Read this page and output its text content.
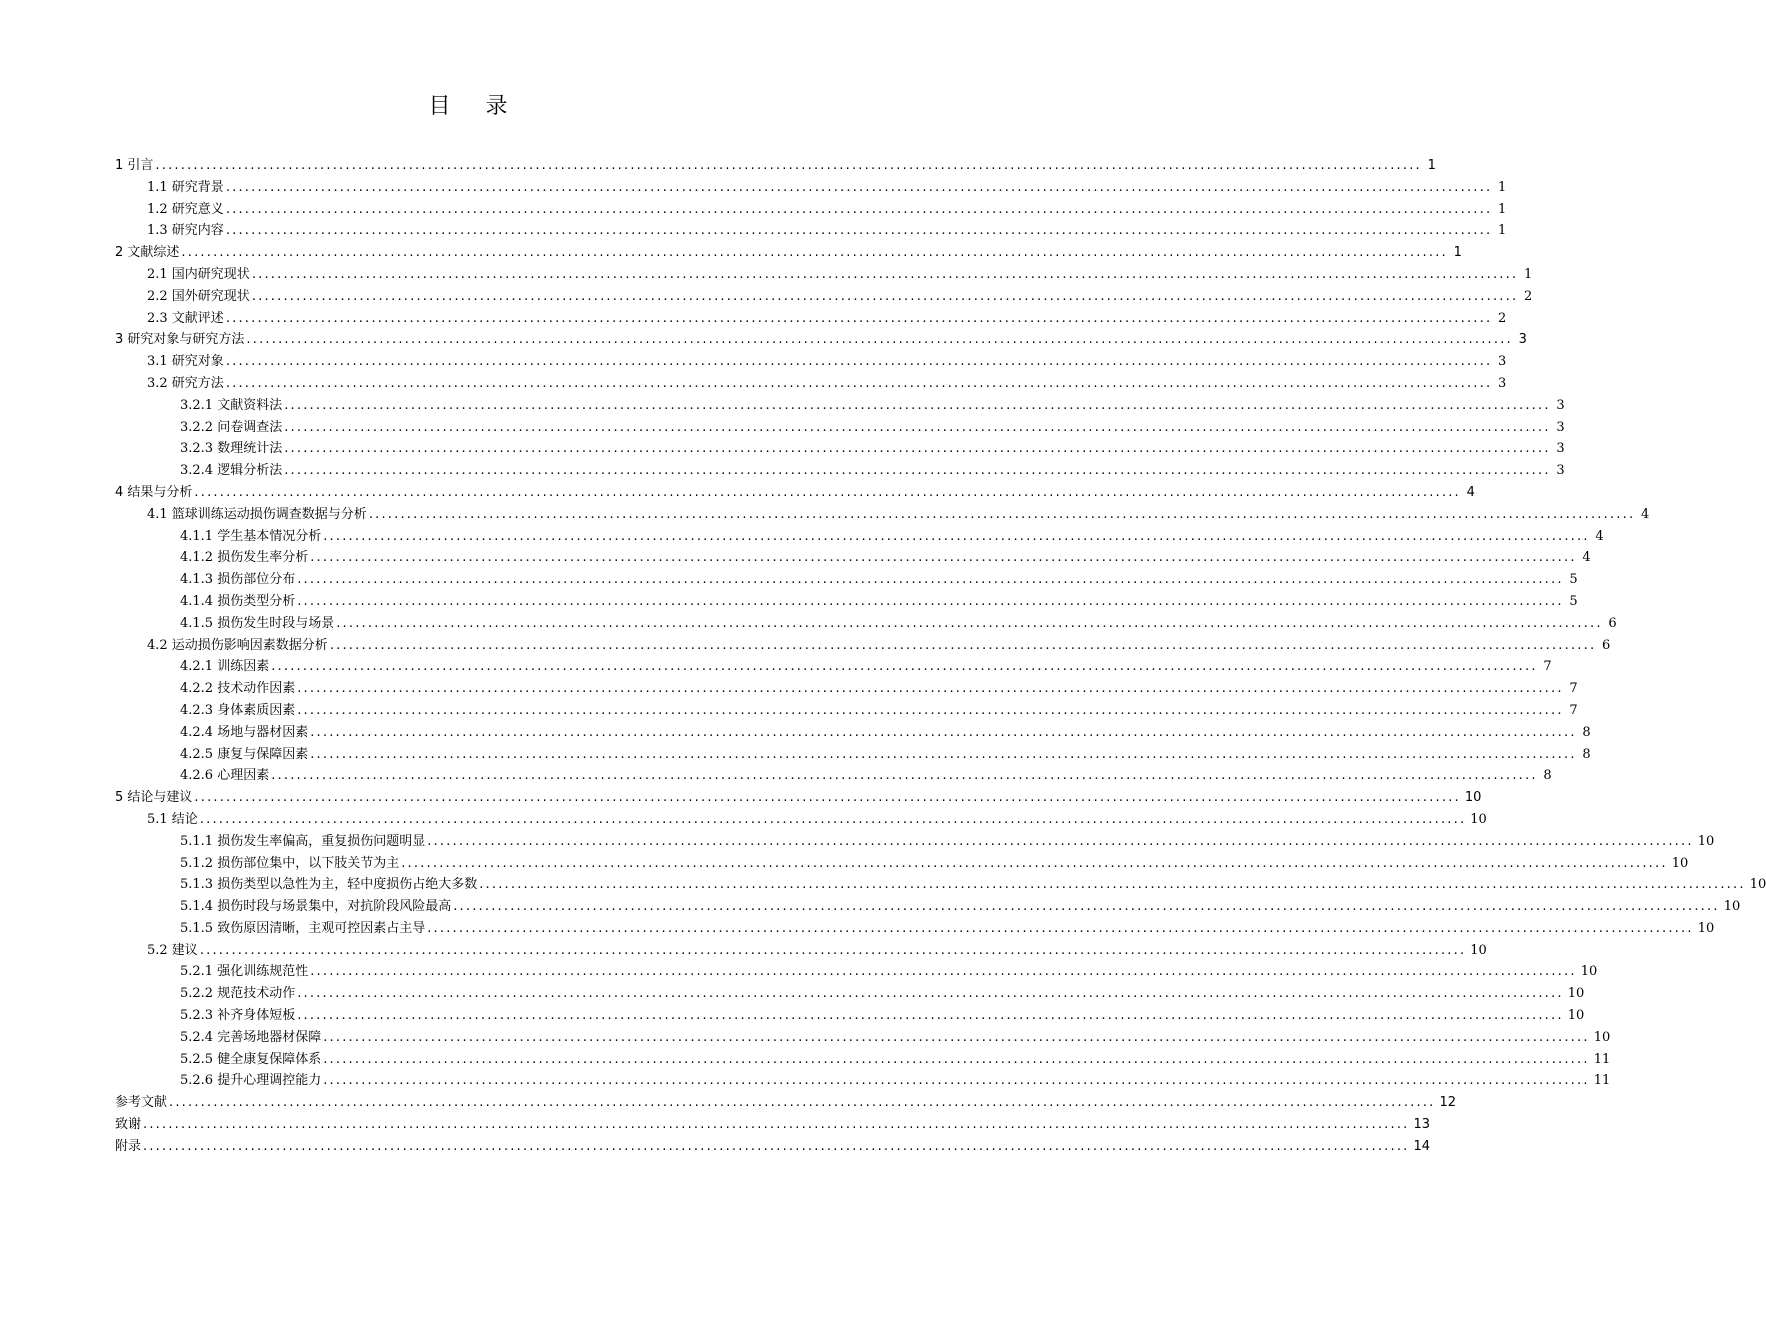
目 录
1 引言 ........................................................................................................................................................................................................ 1
1.1 研究背景 ........................................................................................................................................................................................................ 1
1.2 研究意义 ........................................................................................................................................................................................................ 1
1.3 研究内容 ........................................................................................................................................................................................................ 1
2 文献综述 ........................................................................................................................................................................................................ 1
2.1 国内研究现状 ........................................................................................................................................................................................................ 1
2.2 国外研究现状 ........................................................................................................................................................................................................ 2
2.3 文献评述 ........................................................................................................................................................................................................ 2
3 研究对象与研究方法 ........................................................................................................................................................................................................ 3
3.1 研究对象 ........................................................................................................................................................................................................ 3
3.2 研究方法 ........................................................................................................................................................................................................ 3
3.2.1 文献资料法 ........................................................................................................................................................................................................ 3
3.2.2 问卷调查法 ........................................................................................................................................................................................................ 3
3.2.3 数理统计法 ........................................................................................................................................................................................................ 3
3.2.4 逻辑分析法 ........................................................................................................................................................................................................ 3
4 结果与分析 ........................................................................................................................................................................................................ 4
4.1 篮球训练运动损伤调查数据与分析 ........................................................................................................................................................................................................ 4
4.1.1 学生基本情况分析 ........................................................................................................................................................................................................ 4
4.1.2 损伤发生率分析 ........................................................................................................................................................................................................ 4
4.1.3 损伤部位分布 ........................................................................................................................................................................................................ 5
4.1.4 损伤类型分析 ........................................................................................................................................................................................................ 5
4.1.5 损伤发生时段与场景 ........................................................................................................................................................................................................ 6
4.2 运动损伤影响因素数据分析 ........................................................................................................................................................................................................ 6
4.2.1 训练因素 ........................................................................................................................................................................................................ 7
4.2.2 技术动作因素 ........................................................................................................................................................................................................ 7
4.2.3 身体素质因素 ........................................................................................................................................................................................................ 7
4.2.4 场地与器材因素 ........................................................................................................................................................................................................ 8
4.2.5 康复与保障因素 ........................................................................................................................................................................................................ 8
4.2.6 心理因素 ........................................................................................................................................................................................................ 8
5 结论与建议 ........................................................................................................................................................................................................ 10
5.1 结论 ........................................................................................................................................................................................................ 10
5.1.1 损伤发生率偏高，重复损伤问题明显 ........................................................................................................................................................................................................ 10
5.1.2 损伤部位集中，以下肢关节为主 ........................................................................................................................................................................................................ 10
5.1.3 损伤类型以急性为主，轻中度损伤占绝大多数 ........................................................................................................................................................................................................ 10
5.1.4 损伤时段与场景集中，对抗阶段风险最高 ........................................................................................................................................................................................................ 10
5.1.5 致伤原因清晰，主观可控因素占主导 ........................................................................................................................................................................................................ 10
5.2 建议 ........................................................................................................................................................................................................ 10
5.2.1 强化训练规范性 ........................................................................................................................................................................................................ 10
5.2.2 规范技术动作 ........................................................................................................................................................................................................ 10
5.2.3 补齐身体短板 ........................................................................................................................................................................................................ 10
5.2.4 完善场地器材保障 ........................................................................................................................................................................................................ 10
5.2.5 健全康复保障体系 ........................................................................................................................................................................................................ 11
5.2.6 提升心理调控能力 ........................................................................................................................................................................................................ 11
参考文献 ........................................................................................................................................................................................................ 12
致谢 ........................................................................................................................................................................................................ 13
附录 ........................................................................................................................................................................................................ 14
